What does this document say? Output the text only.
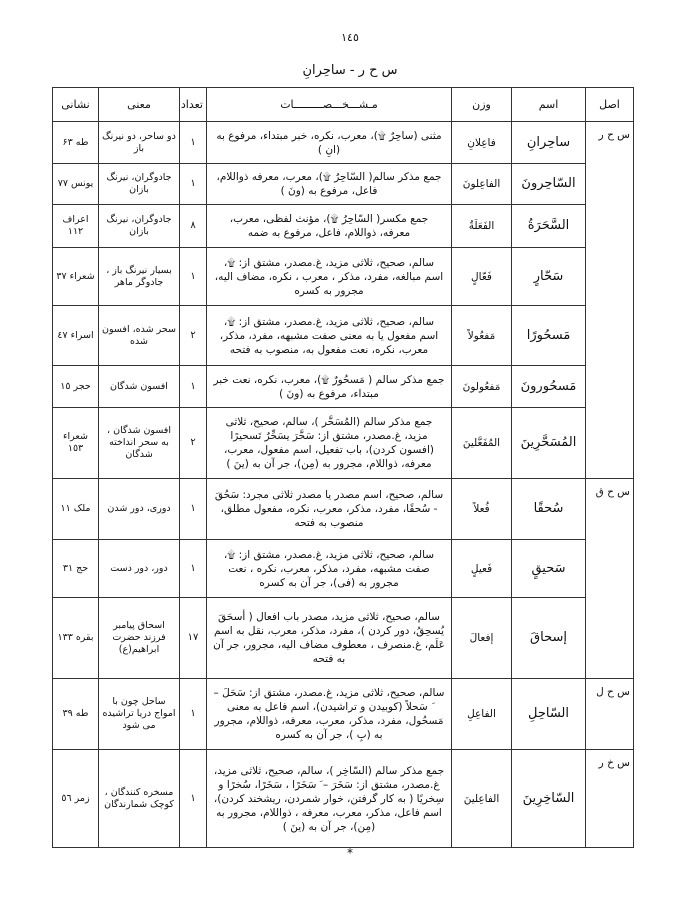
١٤٥
س ح ر - ساحِرانِ
اصل	اسم	وزن	مـشـــخـــصـــــــــات	تعداد	معنی	نشانی
س ح ر	ساحِرانِ	فاعِلانِ	مثنی (ساحِرٌ ۩)، معرب، نکره، خبر مبتداء، مرفوع به (انِ )	١	دو ساحر، دو نیرنگ باز	طه ۶٣
	السّاحِرونَ	الفاعِلونَ	جمع مذکر سالم( السّاحِرُ ۩)، معرب، معرفه ذواللام، فاعل، مرفوع به (ونَ )	١	جادوگران، نیرنگ بازان	یونس ٧٧
	السَّحَرَةُ	الفَعَلَةُ	جمع مکسر( السّاحِرُ ۩)، مؤنث لفظی، معرب، معرفه، ذواللام، فاعل، مرفوع به ضمه	٨	جادوگران، نیرنگ بازان	اعراف ١١٢
	سَحّارٍ	فَعّالٍ	سالم، صحیح، ثلاثی مزید، غ.مصدر، مشتق از: ۩، اسم مبالغه، مفرد، مذکر ، معرب ، نکره، مضاف الیه، مجرور به کسره	١	بسیار نیرنگ باز ، جادوگر ماهر	شعراء ٣٧
	مَسحُورًا	مَفعُولاً	سالم، صحیح، ثلاثی مزید، غ.مصدر، مشتق از: ۩، اسم مفعول یا به معنی صفت مشبهه، مفرد، مذکر، معرب، نکره، نعت مفعول به، منصوب به فتحه	٢	سحر شده، افسون شده	اسراء ٤٧
	مَسحُورونَ	مَفعُولونَ	جمع مذکر سالم ( مَسحُورٌ ۩)، معرب، نکره، نعت خبر مبتداء، مرفوع به (ونَ )	١	افسون شدگان	حجر ١٥
	المُسَحَّرِينَ	المُفَعَّلينَ	جمع مذکر سالم (المُسَحَّر )، سالم، صحیح، ثلاثی مزید، غ.مصدر، مشتق از: سَحَّرَ یسَحِّرُ تَسحیرًا (افسون کردن)، باب تفعیل، اسم مفعول، معرب، معرفه، ذواللام، مجرور به (مِن)، جر آن به (ینَ )	٢	افسون شدگان ، به سحر انداخته شدگان	شعراء ١٥٣
س ح ق	سُحقًا	فُعلاً	سالم، صحیح، اسم مصدر یا مصدر ثلاثی مجرد: سَحُقَ - سُحقًا، مفرد، مذکر، معرب، نکره، مفعول مطلق، منصوب به فتحه	١	دوری، دور شدن	ملک ١١
	سَحیقٍ	فَعیلٍ	سالم، صحیح، ثلاثی مزید، غ.مصدر، مشتق از: ۩، صفت مشبهه، مفرد، مذکر، معرب، نکره ، نعت مجرور به (فی)، جر آن به کسره	١	دور، دور دست	حج ٣١
	إسحاقَ	إفعالَ	سالم، صحیح، ثلاثی مزید، مصدر باب افعال ( أسحَقَ یُسحِقُ، دور کردن )، مفرد، مذکر، معرب، نقل به اسم عَلَم، غ.منصرف ، معطوف مضاف الیه، مجرور، جر آن به فتحه	١٧	اسحاق پیامبر فرزند حضرت ابراهیم(ع)	بقره ١٣٣
س ح ل	السّاحِلِ	الفاعِلِ	سالم، صحیح، ثلاثی مزید، غ.مصدر، مشتق از: سَحَلَ – َ سَحلاً (کوبیدن و تراشیدن)، اسم فاعل به معنی مَسحُول، مفرد، مذکر، معرب، معرفه، ذواللام، مجرور به (بِ )، جر آن به کسره	١	ساحل چون با امواج دریا تراشیده می شود	طه ٣٩
س خ ر	السّاخِرِینَ	الفاعِلینَ	جمع مذکر سالم (السّاخِر )، سالم، صحیح، ثلاثی مزید، غ.مصدر، مشتق از: سَخَرَ – َ سَخَرًا ، سَخَرًا، سُخرًا و سِخریًا ( به کار گرفتن، خوار شمردن، ریشخند کردن)، اسم فاعل، مذکر، معرب، معرفه ، ذواللام، مجرور به (مِن)، جر آن به (ینَ )	١	مسخره کنندگان ، کوچک شمارندگان	زمر ٥٦
*
